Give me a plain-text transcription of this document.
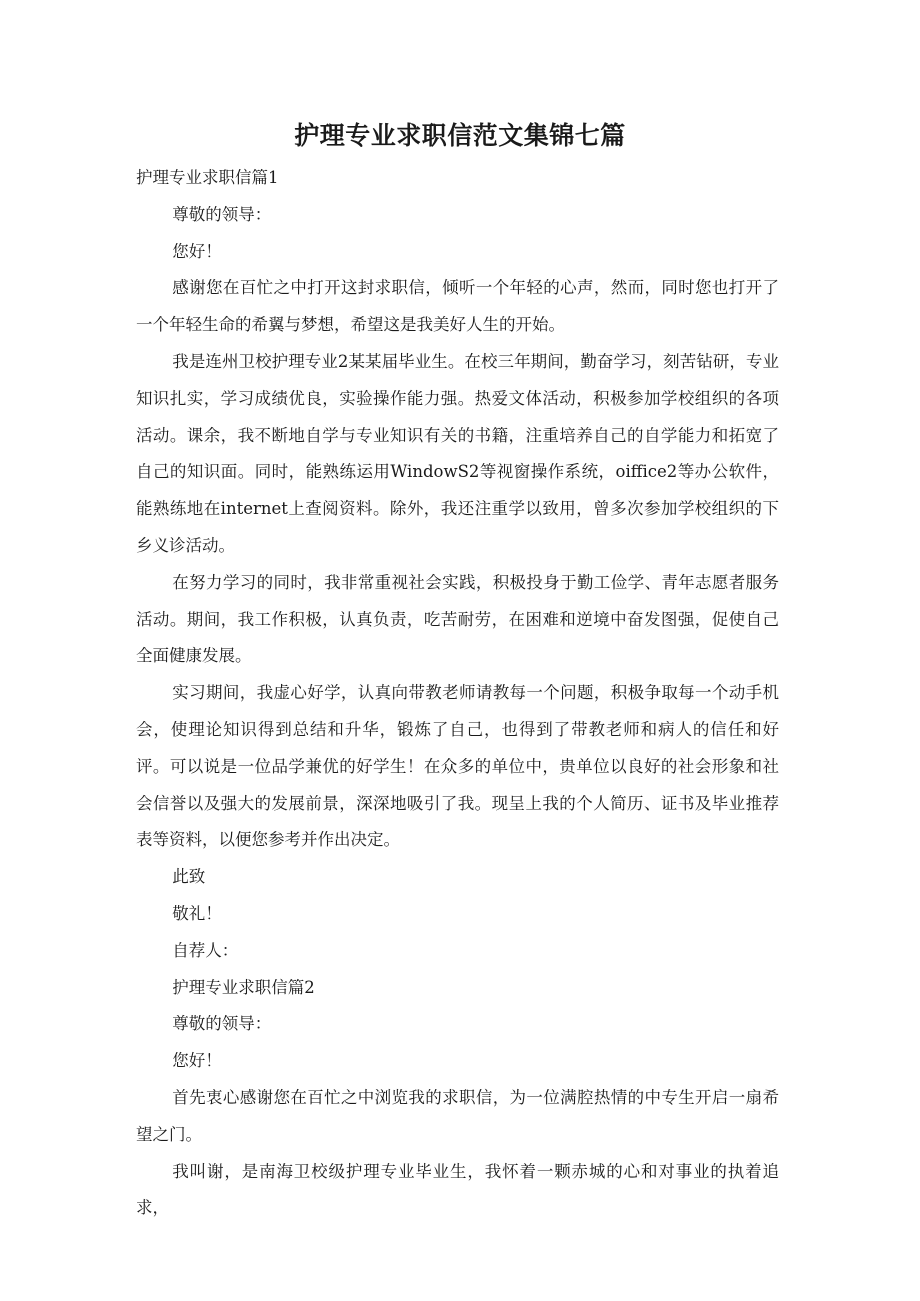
护理专业求职信范文集锦七篇

护理专业求职信篇1

尊敬的领导：

您好！

感谢您在百忙之中打开这封求职信，倾听一个年轻的心声，然而，同时您也打开了一个年轻生命的希翼与梦想，希望这是我美好人生的开始。

我是连州卫校护理专业2某某届毕业生。在校三年期间，勤奋学习，刻苦钻研，专业知识扎实，学习成绩优良，实验操作能力强。热爱文体活动，积极参加学校组织的各项活动。课余，我不断地自学与专业知识有关的书籍，注重培养自己的自学能力和拓宽了自己的知识面。同时，能熟练运用WindowS2等视窗操作系统，oiffice2等办公软件，能熟练地在internet上查阅资料。除外，我还注重学以致用，曾多次参加学校组织的下乡义诊活动。

在努力学习的同时，我非常重视社会实践，积极投身于勤工俭学、青年志愿者服务活动。期间，我工作积极，认真负责，吃苦耐劳，在困难和逆境中奋发图强，促使自己全面健康发展。

实习期间，我虚心好学，认真向带教老师请教每一个问题，积极争取每一个动手机会，使理论知识得到总结和升华，锻炼了自己，也得到了带教老师和病人的信任和好评。可以说是一位品学兼优的好学生！在众多的单位中，贵单位以良好的社会形象和社会信誉以及强大的发展前景，深深地吸引了我。现呈上我的个人简历、证书及毕业推荐表等资料，以便您参考并作出决定。

此致

敬礼！

自荐人：

护理专业求职信篇2

尊敬的领导：

您好！

首先衷心感谢您在百忙之中浏览我的求职信，为一位满腔热情的中专生开启一扇希望之门。

我叫谢，是南海卫校级护理专业毕业生，我怀着一颗赤城的心和对事业的执着追求，
